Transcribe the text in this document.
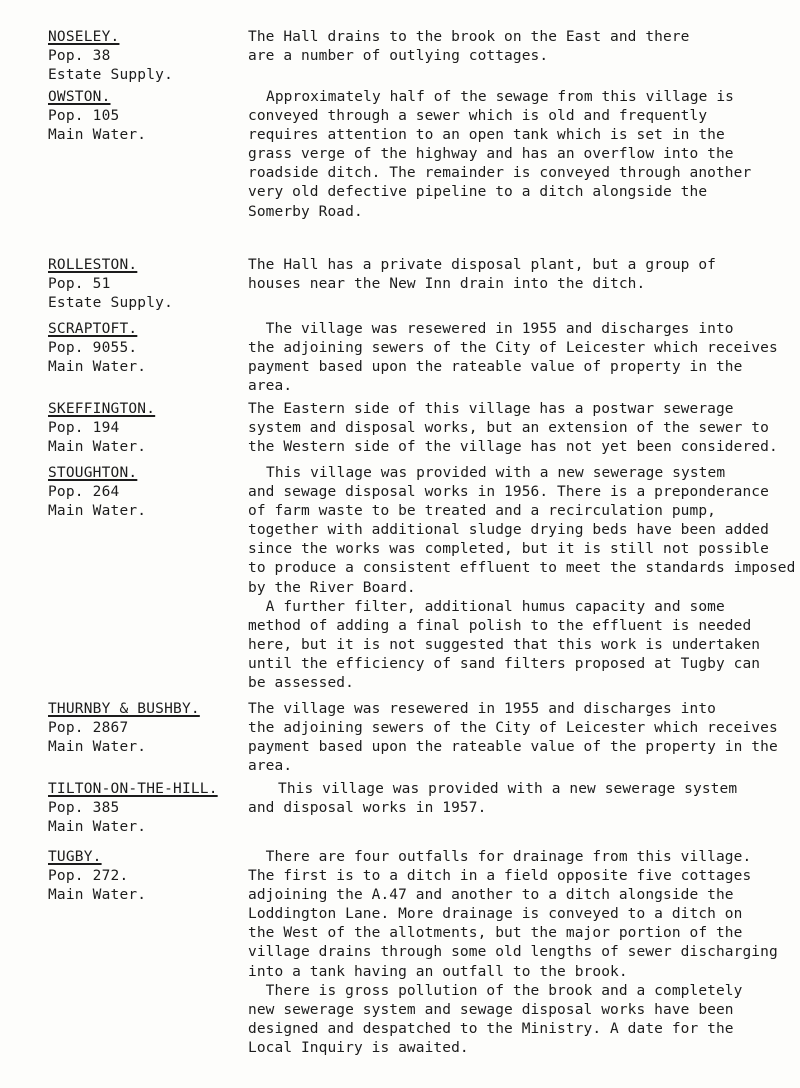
NOSELEY.
Pop. 38
Estate Supply.
The Hall drains to the brook on the East and there
are a number of outlying cottages.
OWSTON.
Pop. 105
Main Water.
Approximately half of the sewage from this village is
conveyed through a sewer which is old and frequently
requires attention to an open tank which is set in the
grass verge of the highway and has an overflow into the
roadside ditch. The remainder is conveyed through another
very old defective pipeline to a ditch alongside the
Somerby Road.
ROLLESTON.
Pop. 51
Estate Supply.
The Hall has a private disposal plant, but a group of
houses near the New Inn drain into the ditch.
SCRAPTOFT.
Pop. 9055.
Main Water.
The village was resewered in 1955 and discharges into
the adjoining sewers of the City of Leicester which receives
payment based upon the rateable value of property in the
area.
SKEFFINGTON.
Pop. 194
Main Water.
The Eastern side of this village has a postwar sewerage
system and disposal works, but an extension of the sewer to
the Western side of the village has not yet been considered.
STOUGHTON.
Pop. 264
Main Water.
This village was provided with a new sewerage system
and sewage disposal works in 1956. There is a preponderance
of farm waste to be treated and a recirculation pump,
together with additional sludge drying beds have been added
since the works was completed, but it is still not possible
to produce a consistent effluent to meet the standards imposed
by the River Board.
A further filter, additional humus capacity and some
method of adding a final polish to the effluent is needed
here, but it is not suggested that this work is undertaken
until the efficiency of sand filters proposed at Tugby can
be assessed.
THURNBY & BUSHBY.
Pop. 2867
Main Water.
The village was resewered in 1955 and discharges into
the adjoining sewers of the City of Leicester which receives
payment based upon the rateable value of the property in the
area.
TILTON-ON-THE-HILL.
Pop. 385
Main Water.
This village was provided with a new sewerage system
and disposal works in 1957.
TUGBY.
Pop. 272.
Main Water.
There are four outfalls for drainage from this village.
The first is to a ditch in a field opposite five cottages
adjoining the A.47 and another to a ditch alongside the
Loddington Lane. More drainage is conveyed to a ditch on
the West of the allotments, but the major portion of the
village drains through some old lengths of sewer discharging
into a tank having an outfall to the brook.
There is gross pollution of the brook and a completely
new sewerage system and sewage disposal works have been
designed and despatched to the Ministry. A date for the
Local Inquiry is awaited.
